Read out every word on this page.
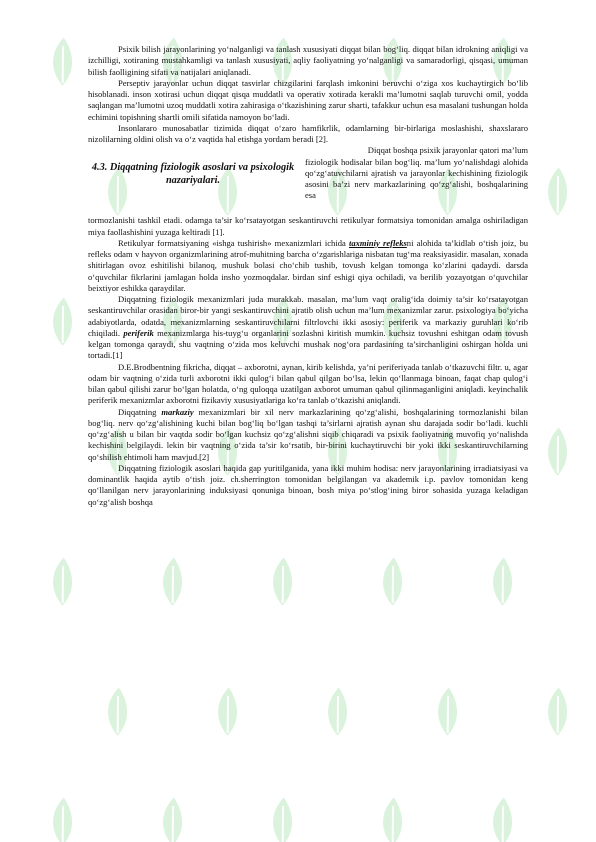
Psixik bilish jarayonlarining yo‘nalganligi va tanlash xususiyati diqqat bilan bog‘liq. diqqat bilan idrokning aniqligi va izchilligi, xotiraning mustahkamligi va tanlash xususiyati, aqliy faoliyatning yo‘nalganligi va samaradorligi, qisqasi, umuman bilish faolligining sifati va natijalari aniqlanadi.

Perseptiv jarayonlar uchun diqqat tasvirlar chizgilarini farqlash imkonini beruvchi o‘ziga xos kuchaytirgich bo‘lib hisoblanadi. inson xotirasi uchun diqqat qisqa muddatli va operativ xotirada kerakli ma’lumotni saqlab turuvchi omil, yodda saqlangan ma’lumotni uzoq muddatli xotira zahirasiga o‘tkazishining zarur sharti, tafakkur uchun esa masalani tushungan holda echimini topishning shartli omili sifatida namoyon bo‘ladi.

Insonlararo munosabatlar tizimida diqqat o‘zaro hamfikrlik, odamlarning bir-birlariga moslashishi, shaxslararo nizolilarning oldini olish va o‘z vaqtida hal etishga yordam beradi [2].

4.3. Diqqatning fiziologik asoslari va psixologik nazariyalari.
Diqqat boshqa psixik jarayonlar qatori ma’lum
fiziologik hodisalar bilan bog‘liq. ma’lum yo‘nalishdagi alohida qo‘zg‘atuvchilarni ajratish va jarayonlar kechishining fiziologik asosini ba’zi nerv markazlarining qo‘zg‘alishi, boshqalarining esa

tormozlanishi tashkil etadi. odamga ta’sir ko‘rsatayotgan seskantiruvchi retikulyar formatsiya tomonidan amalga oshiriladigan miya faollashishini yuzaga keltiradi [1].

Retikulyar formatsiyaning «ishga tushirish» mexanizmlari ichida taxminiy refleksni alohida ta’kidlab o‘tish joiz, bu refleks odam v hayvon organizmlarining atrof-muhitning barcha o‘zgarishlariga nisbatan tug‘ma reaksiyasidir. masalan, xonada shitirlagan ovoz eshitilishi bilanoq, mushuk bolasi cho‘chib tushib, tovush kelgan tomonga ko‘zlarini qadaydi. darsda o‘quvchilar fikrlarini jamlagan holda insho yozmoqdalar. birdan sinf eshigi qiya ochiladi, va berilib yozayotgan o‘quvchilar beixtiyor eshikka qaraydilar.

Diqqatning fiziologik mexanizmlari juda murakkab. masalan, ma’lum vaqt oralig‘ida doimiy ta’sir ko‘rsatayotgan seskantiruvchilar orasidan biror-bir yangi seskantiruvchini ajratib olish uchun ma’lum mexanizmlar zarur. psixologiya bo‘yicha adabiyotlarda, odatda, mexanizmlarning seskantiruvchilarni filtrlovchi ikki asosiy: periferik va markaziy guruhlari ko‘rib chiqiladi. periferik mexanizmlarga his-tuyg‘u organlarini sozlashni kiritish mumkin. kuchsiz tovushni eshitgan odam tovush kelgan tomonga qaraydi, shu vaqtning o‘zida mos keluvchi mushak nog‘ora pardasining ta’sirchanligini oshirgan holda uni tortadi.[1]

D.E.Brodbentning fikricha, diqqat – axborotni, aynan, kirib kelishda, ya’ni periferiyada tanlab o‘tkazuvchi filtr. u, agar odam bir vaqtning o‘zida turli axborotni ikki qulog‘i bilan qabul qilgan bo‘lsa, lekin qo‘llanmaga binoan, faqat chap qulog‘i bilan qabul qilishi zarur bo‘lgan holatda, o‘ng quloqqa uzatilgan axborot umuman qabul qilinmaganligini aniqladi. keyinchalik periferik mexanizmlar axborotni fizikaviy xususiyatlariga ko‘ra tanlab o‘tkazishi aniqlandi.

Diqqatning markaziy mexanizmlari bir xil nerv markazlarining qo‘zg‘alishi, boshqalarining tormozlanishi bilan bog‘liq. nerv qo‘zg‘alishining kuchi bilan bog‘liq bo‘lgan tashqi ta’sirlarni ajratish aynan shu darajada sodir bo‘ladi. kuchli qo‘zg‘alish u bilan bir vaqtda sodir bo‘lgan kuchsiz qo‘zg‘alishni siqib chiqaradi va psixik faoliyatning muvofiq yo‘nalishda kechishini belgilaydi. lekin bir vaqtning o‘zida ta’sir ko‘rsatib, bir-birini kuchaytiruvchi bir yoki ikki seskantiruvchilarning qo‘shilish ehtimoli ham mavjud.[2]

Diqqatning fiziologik asoslari haqida gap yuritilganida, yana ikki muhim hodisa: nerv jarayonlarining irradiatsiyasi va dominantlik haqida aytib o‘tish joiz. ch.sherrington tomonidan belgilangan va akademik i.p. pavlov tomonidan keng qo‘llanilgan nerv jarayonlarining induksiyasi qonuniga binoan, bosh miya po‘stlog‘ining biror sohasida yuzaga keladigan qo‘zg‘alish boshqa
